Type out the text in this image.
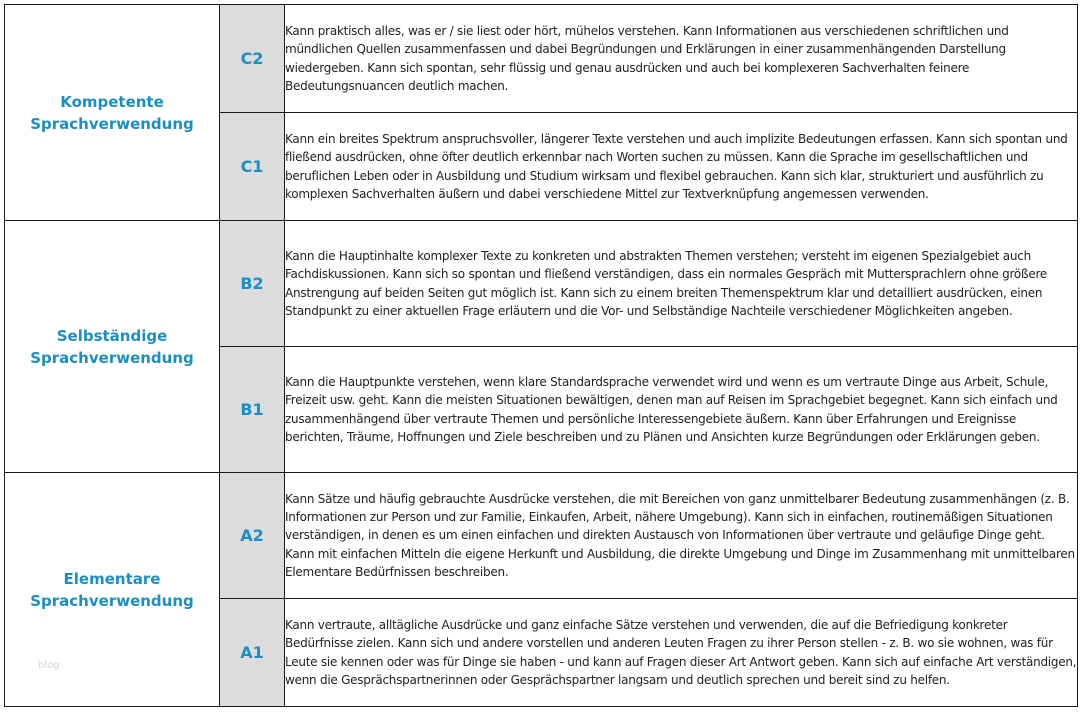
Kompetente
Sprachverwendung	C2	Kann praktisch alles, was er / sie liest oder hört, mühelos verstehen. Kann Informationen aus verschiedenen schriftlichen und mündlichen Quellen zusammenfassen und dabei Begründungen und Erklärungen in einer zusammenhängenden Darstellung wiedergeben. Kann sich spontan, sehr flüssig und genau ausdrücken und auch bei komplexeren Sachverhalten feinere Bedeutungsnuancen deutlich machen.

	C1	Kann ein breites Spektrum anspruchsvoller, längerer Texte verstehen und auch implizite Bedeutungen erfassen. Kann sich spontan und fließend ausdrücken, ohne öfter deutlich erkennbar nach Worten suchen zu müssen. Kann die Sprache im gesellschaftlichen und beruflichen Leben oder in Ausbildung und Studium wirksam und flexibel gebrauchen. Kann sich klar, strukturiert und ausführlich zu komplexen Sachverhalten äußern und dabei verschiedene Mittel zur Textverknüpfung angemessen verwenden.

Selbständige
Sprachverwendung	B2	Kann die Hauptinhalte komplexer Texte zu konkreten und abstrakten Themen verstehen; versteht im eigenen Spezialgebiet auch Fachdiskussionen. Kann sich so spontan und fließend verständigen, dass ein normales Gespräch mit Muttersprachlern ohne größere Anstrengung auf beiden Seiten gut möglich ist. Kann sich zu einem breiten Themenspektrum klar und detailliert ausdrücken, einen Standpunkt zu einer aktuellen Frage erläutern und die Vor- und Selbständige Nachteile verschiedener Möglichkeiten angeben.

	B1	Kann die Hauptpunkte verstehen, wenn klare Standardsprache verwendet wird und wenn es um vertraute Dinge aus Arbeit, Schule, Freizeit usw. geht. Kann die meisten Situationen bewältigen, denen man auf Reisen im Sprachgebiet begegnet. Kann sich einfach und zusammenhängend über vertraute Themen und persönliche Interessengebiete äußern. Kann über Erfahrungen und Ereignisse berichten, Träume, Hoffnungen und Ziele beschreiben und zu Plänen und Ansichten kurze Begründungen oder Erklärungen geben.

Elementare
Sprachverwendung	A2	Kann Sätze und häufig gebrauchte Ausdrücke verstehen, die mit Bereichen von ganz unmittelbarer Bedeutung zusammenhängen (z. B. Informationen zur Person und zur Familie, Einkaufen, Arbeit, nähere Umgebung). Kann sich in einfachen, routinemäßigen Situationen verständigen, in denen es um einen einfachen und direkten Austausch von Informationen über vertraute und geläufige Dinge geht. Kann mit einfachen Mitteln die eigene Herkunft und Ausbildung, die direkte Umgebung und Dinge im Zusammenhang mit unmittelbaren Elementare Bedürfnissen beschreiben.

	A1	Kann vertraute, alltägliche Ausdrücke und ganz einfache Sätze verstehen und verwenden, die auf die Befriedigung konkreter Bedürfnisse zielen. Kann sich und andere vorstellen und anderen Leuten Fragen zu ihrer Person stellen - z. B. wo sie wohnen, was für Leute sie kennen oder was für Dinge sie haben - und kann auf Fragen dieser Art Antwort geben. Kann sich auf einfache Art verständigen, wenn die Gesprächspartnerinnen oder Gesprächspartner langsam und deutlich sprechen und bereit sind zu helfen.
blog
